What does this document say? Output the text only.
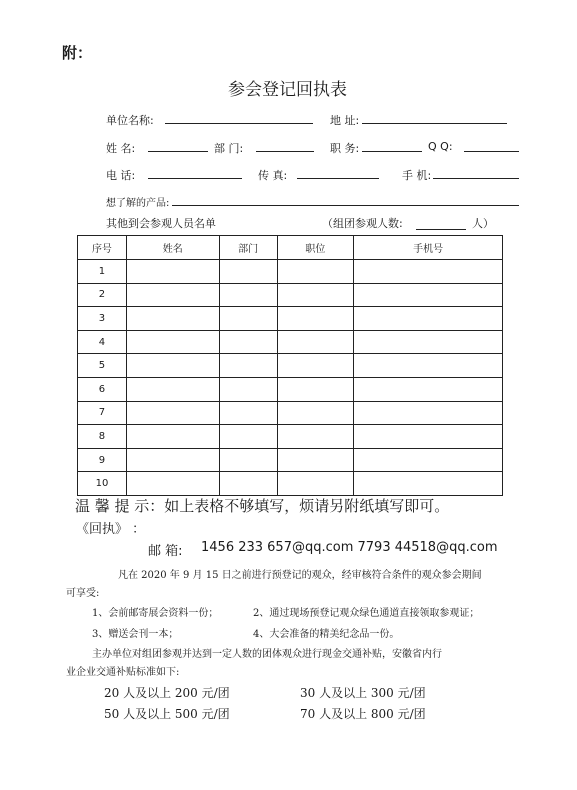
附：
参会登记回执表
单位名称:	地 址:
姓 名:	部 门:	职 务:	Q Q:
电 话:	传 真:	手 机:
想了解的产品:
其他到会参观人员名单	（组团参观人数:	人）
序号	姓名	部门	职位	手机号
1				
2				
3				
4				
5				
6				
7				
8				
9				
10				
温 馨 提 示：如上表格不够填写，烦请另附纸填写即可。
《回执》 ：
邮 箱: 1456 233 657@qq.com 7793 44518@qq.com
凡在 2020 年 9 月 15 日之前进行预登记的观众，经审核符合条件的观众参会期间
可享受:
1、会前邮寄展会资料一份；	2、通过现场预登记观众绿色通道直接领取参观证；
3、赠送会刊一本；	4、大会准备的精美纪念品一份。
主办单位对组团参观并达到一定人数的团体观众进行现金交通补贴，安徽省内行
业企业交通补贴标准如下:
20 人及以上 200 元/团	30 人及以上 300 元/团
50 人及以上 500 元/团	70 人及以上 800 元/团
